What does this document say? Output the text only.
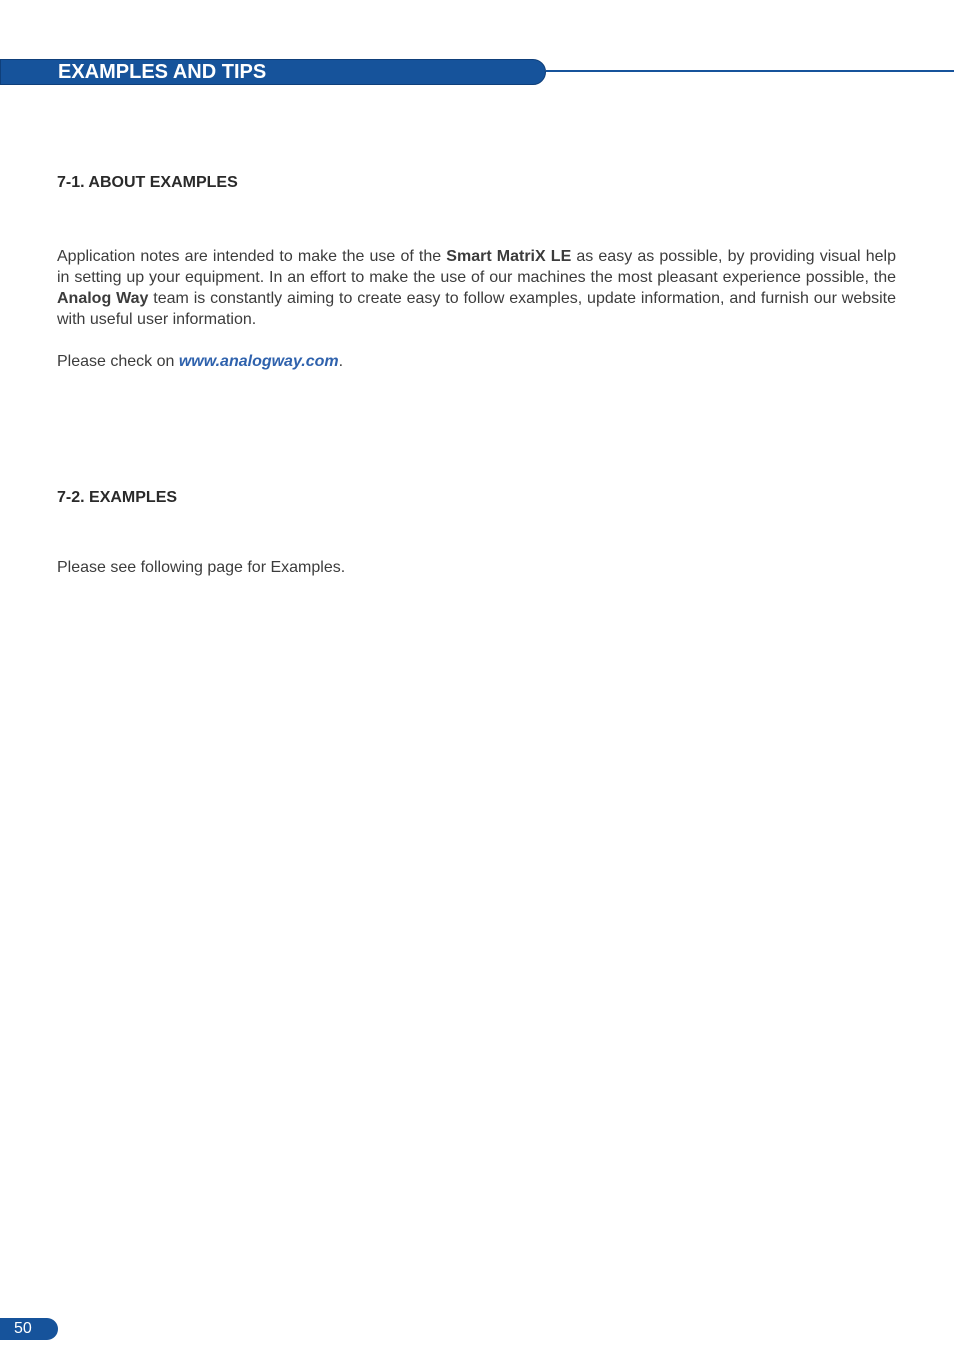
EXAMPLES AND TIPS
7-1. ABOUT EXAMPLES
Application notes are intended to make the use of the Smart MatriX LE as easy as possible, by providing visual help in setting up your equipment. In an effort to make the use of our machines the most pleasant experience possible, the Analog Way team is constantly aiming to create easy to follow examples, update information, and furnish our website with useful user information.
Please check on www.analogway.com.
7-2. EXAMPLES
Please see following page for Examples.
50
